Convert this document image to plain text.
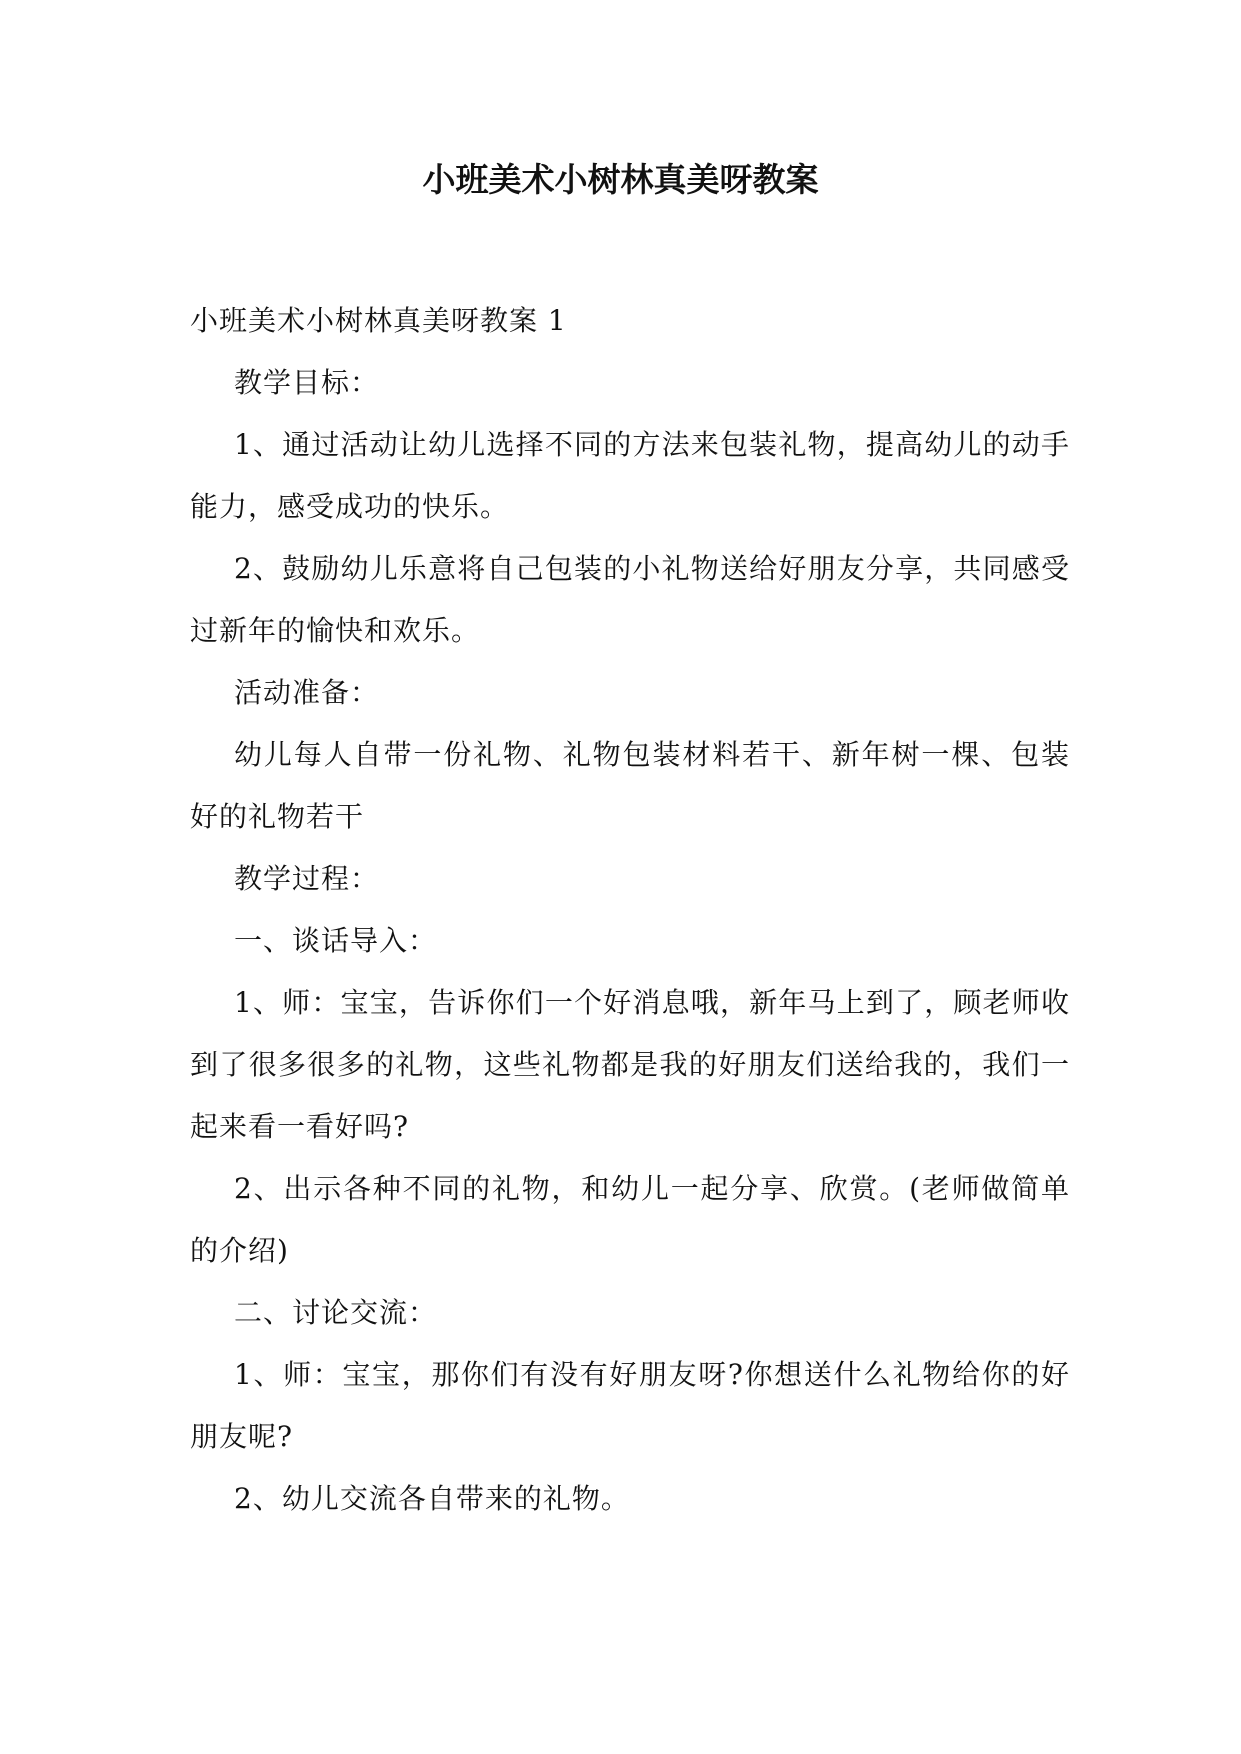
小班美术小树林真美呀教案

小班美术小树林真美呀教案 1

教学目标：

1、通过活动让幼儿选择不同的方法来包装礼物，提高幼儿的动手能力，感受成功的快乐。

2、鼓励幼儿乐意将自己包装的小礼物送给好朋友分享，共同感受过新年的愉快和欢乐。

活动准备：

幼儿每人自带一份礼物、礼物包装材料若干、新年树一棵、包装好的礼物若干

教学过程：

一、谈话导入：

1、师：宝宝，告诉你们一个好消息哦，新年马上到了，顾老师收到了很多很多的礼物，这些礼物都是我的好朋友们送给我的，我们一起来看一看好吗?

2、出示各种不同的礼物，和幼儿一起分享、欣赏。(老师做简单的介绍)

二、讨论交流：

1、师：宝宝，那你们有没有好朋友呀?你想送什么礼物给你的好朋友呢?

2、幼儿交流各自带来的礼物。
